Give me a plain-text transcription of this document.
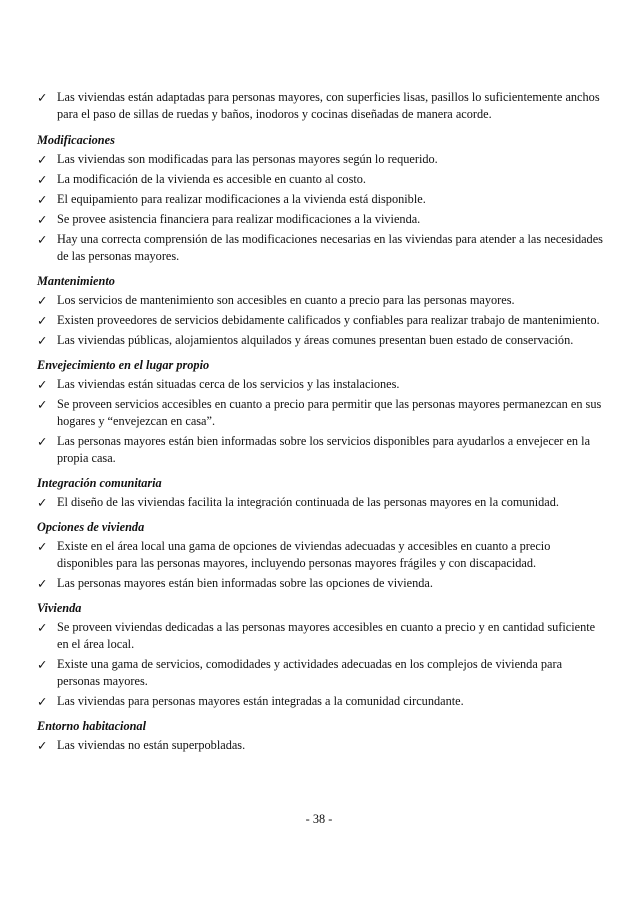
✓ Las viviendas están adaptadas para personas mayores, con superficies lisas, pasillos lo suficientemente anchos para el paso de sillas de ruedas y baños, inodoros y cocinas diseñadas de manera acorde.
Modificaciones
✓ Las viviendas son modificadas para las personas mayores según lo requerido.
✓ La modificación de la vivienda es accesible en cuanto al costo.
✓ El equipamiento para realizar modificaciones a la vivienda está disponible.
✓ Se provee asistencia financiera para realizar modificaciones a la vivienda.
✓ Hay una correcta comprensión de las modificaciones necesarias en las viviendas para atender a las necesidades de las personas mayores.
Mantenimiento
✓ Los servicios de mantenimiento son accesibles en cuanto a precio para las personas mayores.
✓ Existen proveedores de servicios debidamente calificados y confiables para realizar trabajo de mantenimiento.
✓ Las viviendas públicas, alojamientos alquilados y áreas comunes presentan buen estado de conservación.
Envejecimiento en el lugar propio
✓ Las viviendas están situadas cerca de los servicios y las instalaciones.
✓ Se proveen servicios accesibles en cuanto a precio para permitir que las personas mayores permanezcan en sus hogares y “envejezcan en casa”.
✓ Las personas mayores están bien informadas sobre los servicios disponibles para ayudarlos a envejecer en la propia casa.
Integración comunitaria
✓ El diseño de las viviendas facilita la integración continuada de las personas mayores en la comunidad.
Opciones de vivienda
✓ Existe en el área local una gama de opciones de viviendas adecuadas y accesibles en cuanto a precio disponibles para las personas mayores, incluyendo personas mayores frágiles y con discapacidad.
✓ Las personas mayores están bien informadas sobre las opciones de vivienda.
Vivienda
✓ Se proveen viviendas dedicadas a las personas mayores accesibles en cuanto a precio y en cantidad suficiente en el área local.
✓ Existe una gama de servicios, comodidades y actividades adecuadas en los complejos de vivienda para personas mayores.
✓ Las viviendas para personas mayores están integradas a la comunidad circundante.
Entorno habitacional
✓ Las viviendas no están superpobladas.
- 38 -
